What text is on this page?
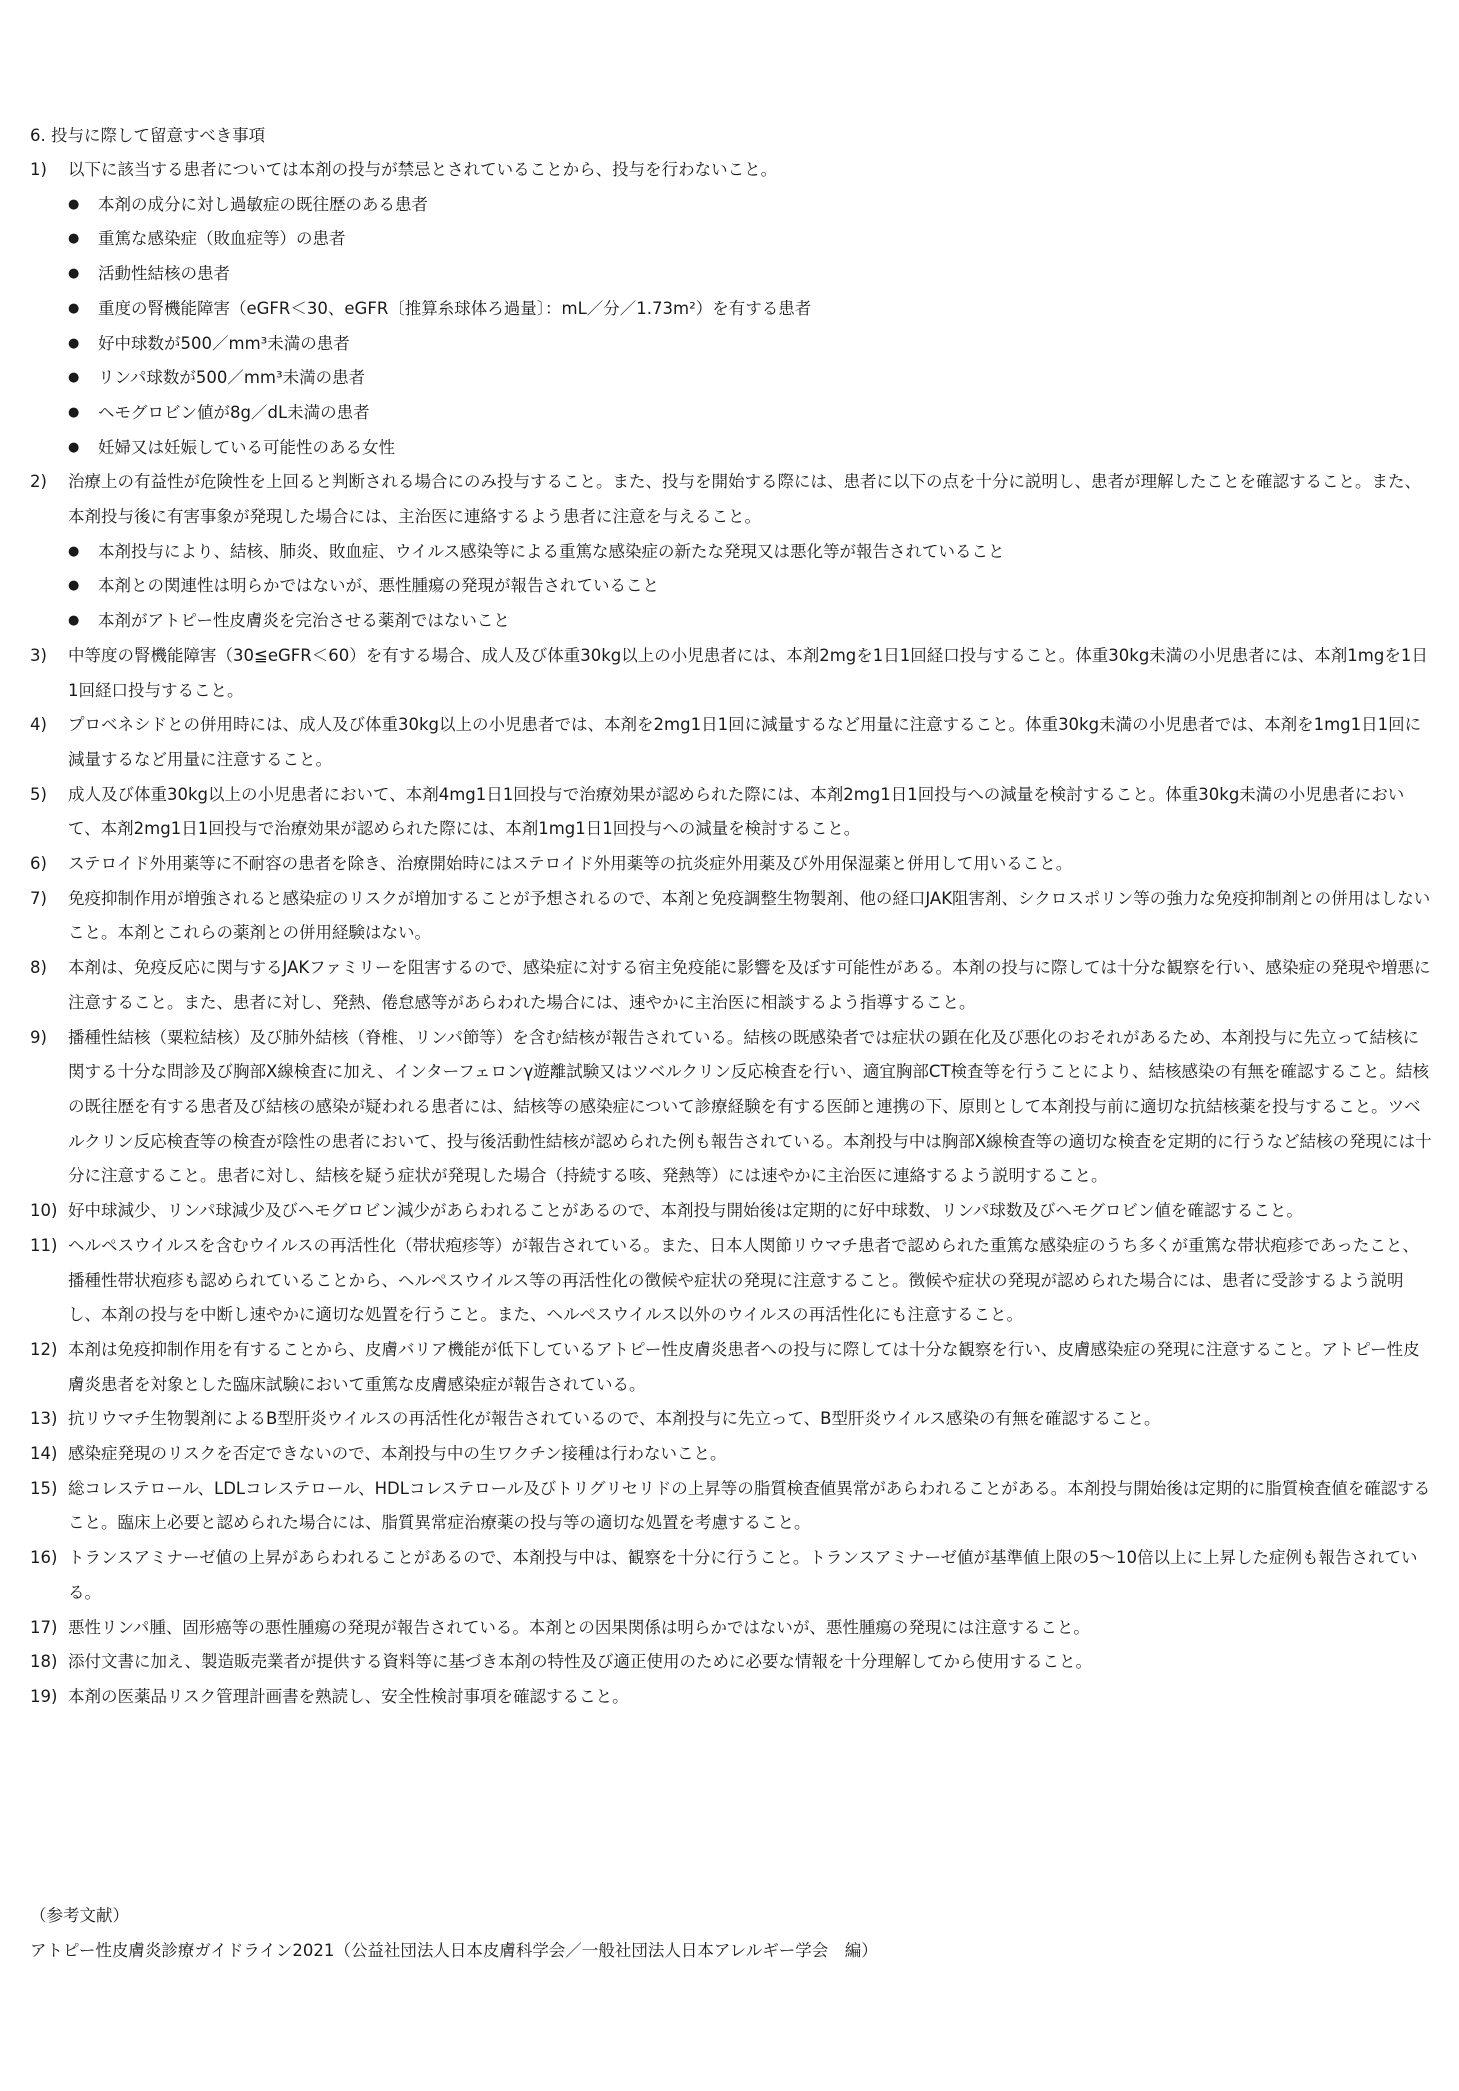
6. 投与に際して留意すべき事項
1) 以下に該当する患者については本剤の投与が禁忌とされていることから、投与を行わないこと。
● 本剤の成分に対し過敏症の既往歴のある患者
● 重篤な感染症（敗血症等）の患者
● 活動性結核の患者
● 重度の腎機能障害（eGFR＜30、eGFR〔推算糸球体ろ過量〕：mL／分／1.73m²）を有する患者
● 好中球数が500／mm³未満の患者
● リンパ球数が500／mm³未満の患者
● ヘモグロビン値が8g／dL未満の患者
● 妊婦又は妊娠している可能性のある女性
2) 治療上の有益性が危険性を上回ると判断される場合にのみ投与すること。また、投与を開始する際には、患者に以下の点を十分に説明し、患者が理解したことを確認すること。また、本剤投与後に有害事象が発現した場合には、主治医に連絡するよう患者に注意を与えること。
● 本剤投与により、結核、肺炎、敗血症、ウイルス感染等による重篤な感染症の新たな発現又は悪化等が報告されていること
● 本剤との関連性は明らかではないが、悪性腫瘍の発現が報告されていること
● 本剤がアトピー性皮膚炎を完治させる薬剤ではないこと
3) 中等度の腎機能障害（30≦eGFR＜60）を有する場合、成人及び体重30kg以上の小児患者には、本剤2mgを1日1回経口投与すること。体重30kg未満の小児患者には、本剤1mgを1日1回経口投与すること。
4) プロベネシドとの併用時には、成人及び体重30kg以上の小児患者では、本剤を2mg1日1回に減量するなど用量に注意すること。体重30kg未満の小児患者では、本剤を1mg1日1回に減量するなど用量に注意すること。
5) 成人及び体重30kg以上の小児患者において、本剤4mg1日1回投与で治療効果が認められた際には、本剤2mg1日1回投与への減量を検討すること。体重30kg未満の小児患者において、本剤2mg1日1回投与で治療効果が認められた際には、本剤1mg1日1回投与への減量を検討すること。
6) ステロイド外用薬等に不耐容の患者を除き、治療開始時にはステロイド外用薬等の抗炎症外用薬及び外用保湿薬と併用して用いること。
7) 免疫抑制作用が増強されると感染症のリスクが増加することが予想されるので、本剤と免疫調整生物製剤、他の経口JAK阻害剤、シクロスポリン等の強力な免疫抑制剤との併用はしないこと。本剤とこれらの薬剤との併用経験はない。
8) 本剤は、免疫反応に関与するJAKファミリーを阻害するので、感染症に対する宿主免疫能に影響を及ぼす可能性がある。本剤の投与に際しては十分な観察を行い、感染症の発現や増悪に注意すること。また、患者に対し、発熱、倦怠感等があらわれた場合には、速やかに主治医に相談するよう指導すること。
9) 播種性結核（粟粒結核）及び肺外結核（脊椎、リンパ節等）を含む結核が報告されている。結核の既感染者では症状の顕在化及び悪化のおそれがあるため、本剤投与に先立って結核に関する十分な問診及び胸部X線検査に加え、インターフェロンγ遊離試験又はツベルクリン反応検査を行い、適宜胸部CT検査等を行うことにより、結核感染の有無を確認すること。結核の既往歴を有する患者及び結核の感染が疑われる患者には、結核等の感染症について診療経験を有する医師と連携の下、原則として本剤投与前に適切な抗結核薬を投与すること。ツベルクリン反応検査等の検査が陰性の患者において、投与後活動性結核が認められた例も報告されている。本剤投与中は胸部X線検査等の適切な検査を定期的に行うなど結核の発現には十分に注意すること。患者に対し、結核を疑う症状が発現した場合（持続する咳、発熱等）には速やかに主治医に連絡するよう説明すること。
10) 好中球減少、リンパ球減少及びヘモグロビン減少があらわれることがあるので、本剤投与開始後は定期的に好中球数、リンパ球数及びヘモグロビン値を確認すること。
11) ヘルペスウイルスを含むウイルスの再活性化（帯状疱疹等）が報告されている。また、日本人関節リウマチ患者で認められた重篤な感染症のうち多くが重篤な帯状疱疹であったこと、播種性帯状疱疹も認められていることから、ヘルペスウイルス等の再活性化の徴候や症状の発現に注意すること。徴候や症状の発現が認められた場合には、患者に受診するよう説明し、本剤の投与を中断し速やかに適切な処置を行うこと。また、ヘルペスウイルス以外のウイルスの再活性化にも注意すること。
12) 本剤は免疫抑制作用を有することから、皮膚バリア機能が低下しているアトピー性皮膚炎患者への投与に際しては十分な観察を行い、皮膚感染症の発現に注意すること。アトピー性皮膚炎患者を対象とした臨床試験において重篤な皮膚感染症が報告されている。
13) 抗リウマチ生物製剤によるB型肝炎ウイルスの再活性化が報告されているので、本剤投与に先立って、B型肝炎ウイルス感染の有無を確認すること。
14) 感染症発現のリスクを否定できないので、本剤投与中の生ワクチン接種は行わないこと。
15) 総コレステロール、LDLコレステロール、HDLコレステロール及びトリグリセリドの上昇等の脂質検査値異常があらわれることがある。本剤投与開始後は定期的に脂質検査値を確認すること。臨床上必要と認められた場合には、脂質異常症治療薬の投与等の適切な処置を考慮すること。
16) トランスアミナーゼ値の上昇があらわれることがあるので、本剤投与中は、観察を十分に行うこと。トランスアミナーゼ値が基準値上限の5～10倍以上に上昇した症例も報告されている。
17) 悪性リンパ腫、固形癌等の悪性腫瘍の発現が報告されている。本剤との因果関係は明らかではないが、悪性腫瘍の発現には注意すること。
18) 添付文書に加え、製造販売業者が提供する資料等に基づき本剤の特性及び適正使用のために必要な情報を十分理解してから使用すること。
19) 本剤の医薬品リスク管理計画書を熟読し、安全性検討事項を確認すること。
（参考文献）
アトピー性皮膚炎診療ガイドライン2021（公益社団法人日本皮膚科学会／一般社団法人日本アレルギー学会　編）
